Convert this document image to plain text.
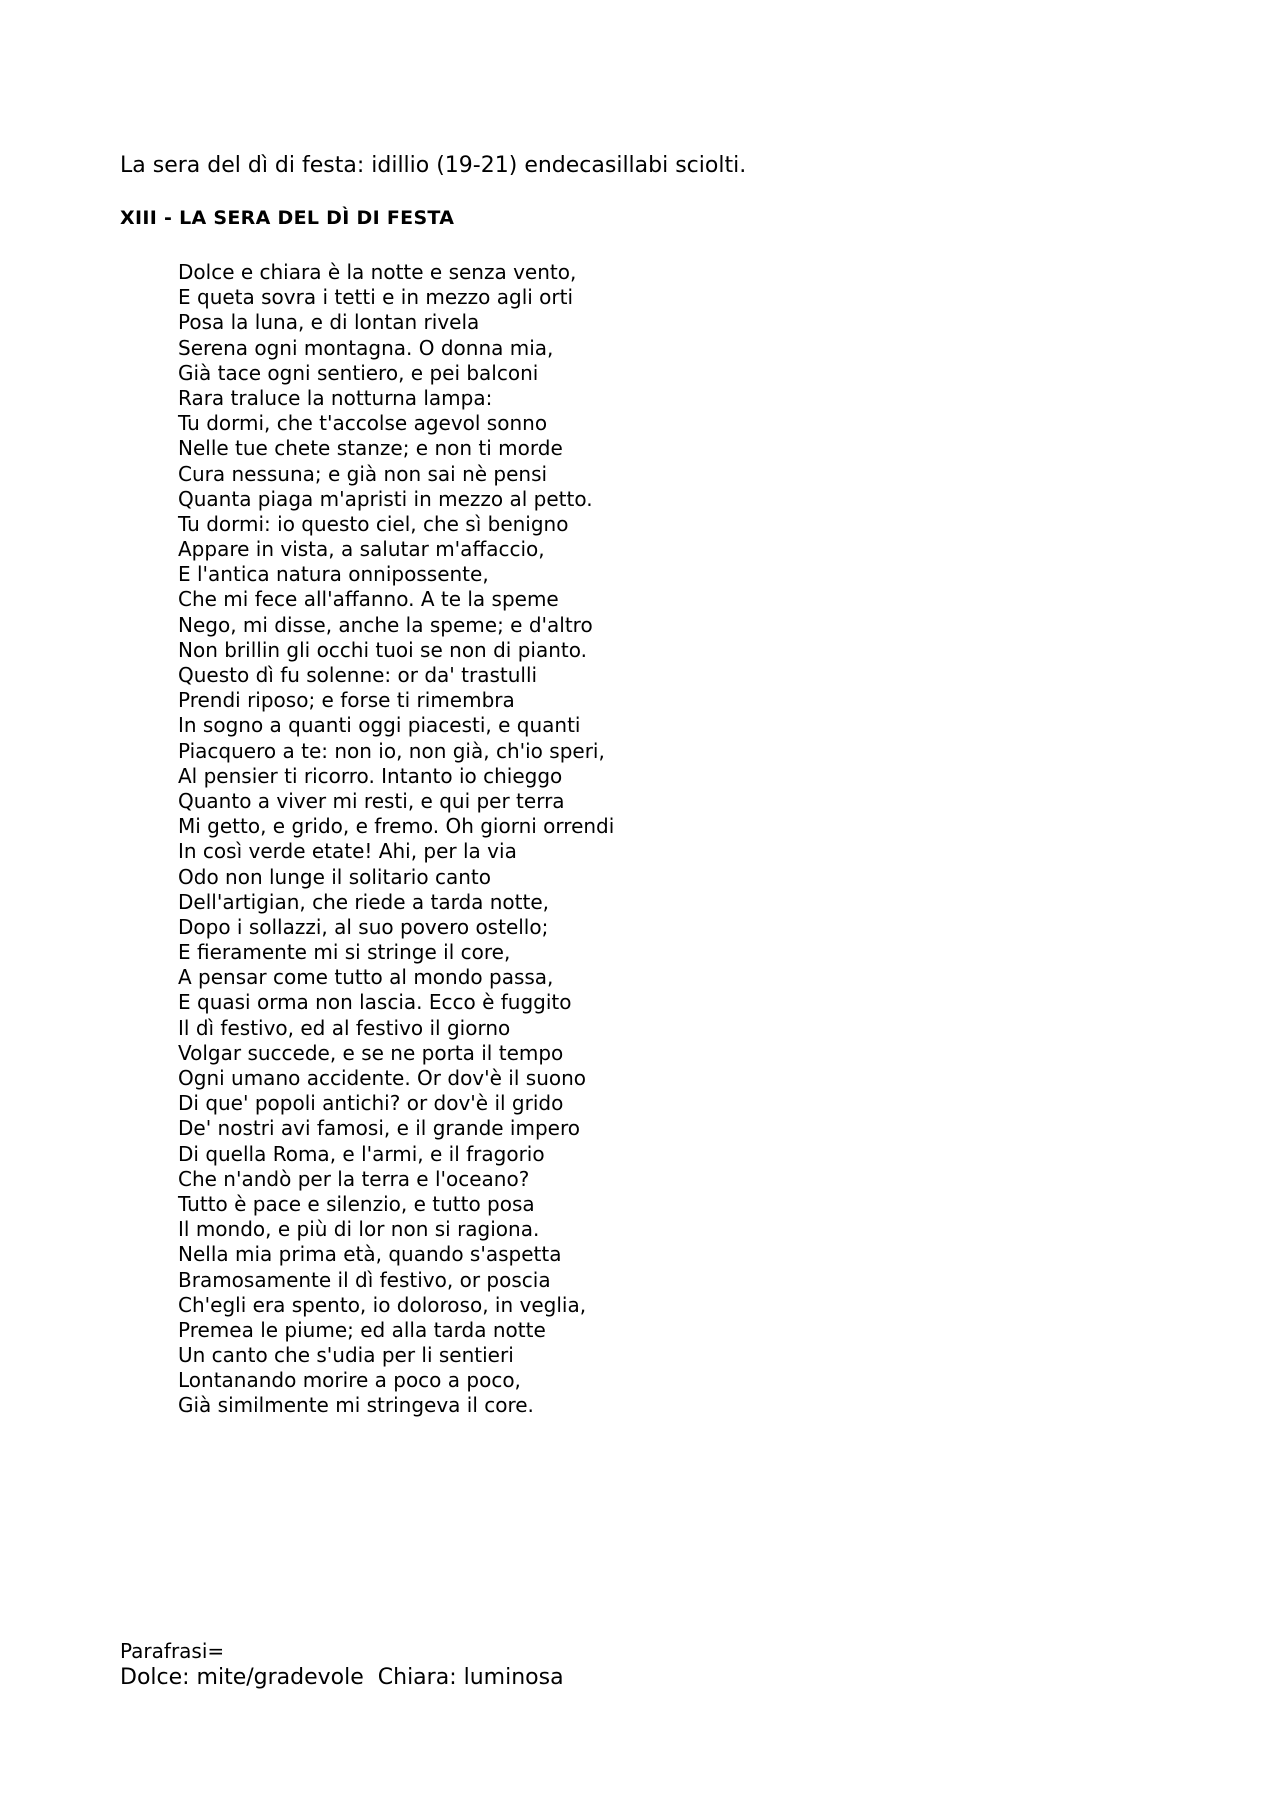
La sera del dì di festa: idillio (19-21) endecasillabi sciolti.

XIII - LA SERA DEL DÌ DI FESTA

Dolce e chiara è la notte e senza vento,
E queta sovra i tetti e in mezzo agli orti
Posa la luna, e di lontan rivela
Serena ogni montagna. O donna mia,
Già tace ogni sentiero, e pei balconi
Rara traluce la notturna lampa:
Tu dormi, che t'accolse agevol sonno
Nelle tue chete stanze; e non ti morde
Cura nessuna; e già non sai nè pensi
Quanta piaga m'apristi in mezzo al petto.
Tu dormi: io questo ciel, che sì benigno
Appare in vista, a salutar m'affaccio,
E l'antica natura onnipossente,
Che mi fece all'affanno. A te la speme
Nego, mi disse, anche la speme; e d'altro
Non brillin gli occhi tuoi se non di pianto.
Questo dì fu solenne: or da' trastulli
Prendi riposo; e forse ti rimembra
In sogno a quanti oggi piacesti, e quanti
Piacquero a te: non io, non già, ch'io speri,
Al pensier ti ricorro. Intanto io chieggo
Quanto a viver mi resti, e qui per terra
Mi getto, e grido, e fremo. Oh giorni orrendi
In così verde etate! Ahi, per la via
Odo non lunge il solitario canto
Dell'artigian, che riede a tarda notte,
Dopo i sollazzi, al suo povero ostello;
E fieramente mi si stringe il core,
A pensar come tutto al mondo passa,
E quasi orma non lascia. Ecco è fuggito
Il dì festivo, ed al festivo il giorno
Volgar succede, e se ne porta il tempo
Ogni umano accidente. Or dov'è il suono
Di que' popoli antichi? or dov'è il grido
De' nostri avi famosi, e il grande impero
Di quella Roma, e l'armi, e il fragorio
Che n'andò per la terra e l'oceano?
Tutto è pace e silenzio, e tutto posa
Il mondo, e più di lor non si ragiona.
Nella mia prima età, quando s'aspetta
Bramosamente il dì festivo, or poscia
Ch'egli era spento, io doloroso, in veglia,
Premea le piume; ed alla tarda notte
Un canto che s'udia per li sentieri
Lontanando morire a poco a poco,
Già similmente mi stringeva il core.

Parafrasi=

Dolce: mite/gradevole  Chiara: luminosa
